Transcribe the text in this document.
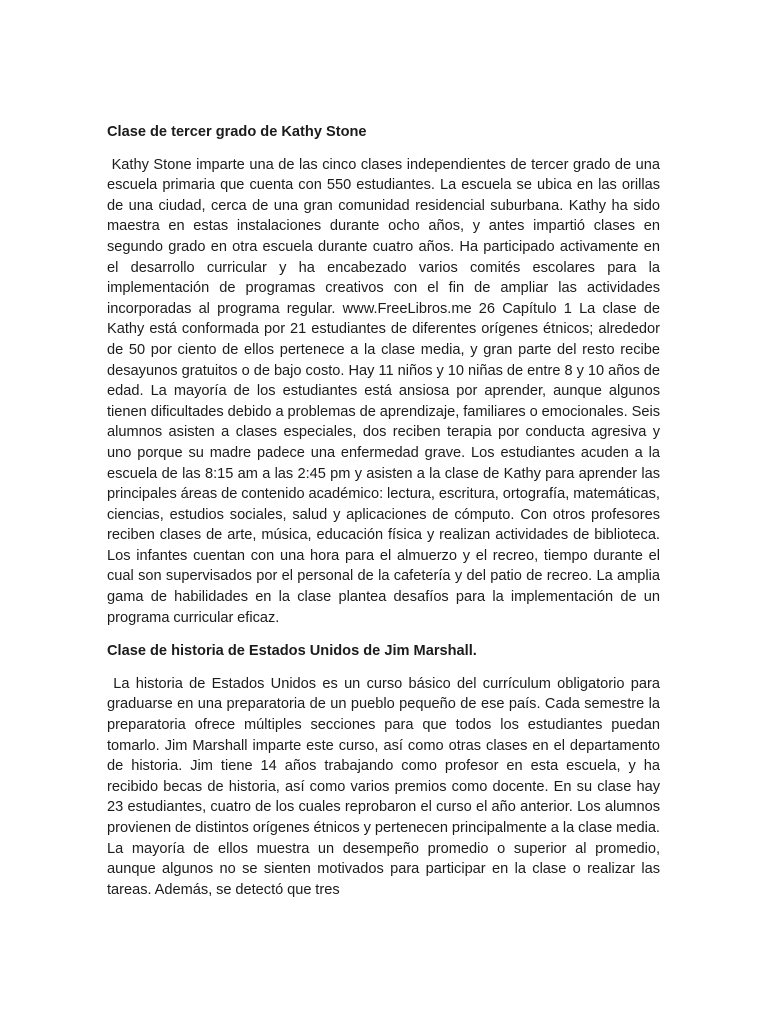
Clase de tercer grado de Kathy Stone

Kathy Stone imparte una de las cinco clases independientes de tercer grado de una escuela primaria que cuenta con 550 estudiantes. La escuela se ubica en las orillas de una ciudad, cerca de una gran comunidad residencial suburbana. Kathy ha sido maestra en estas instalaciones durante ocho años, y antes impartió clases en segundo grado en otra escuela durante cuatro años. Ha participado activamente en el desarrollo curricular y ha encabezado varios comités escolares para la implementación de programas creativos con el fin de ampliar las actividades incorporadas al programa regular. www.FreeLibros.me 26 Capítulo 1 La clase de Kathy está conformada por 21 estudiantes de diferentes orígenes étnicos; alrededor de 50 por ciento de ellos pertenece a la clase media, y gran parte del resto recibe desayunos gratuitos o de bajo costo. Hay 11 niños y 10 niñas de entre 8 y 10 años de edad. La mayoría de los estudiantes está ansiosa por aprender, aunque algunos tienen dificultades debido a problemas de aprendizaje, familiares o emocionales. Seis alumnos asisten a clases especiales, dos reciben terapia por conducta agresiva y uno porque su madre padece una enfermedad grave. Los estudiantes acuden a la escuela de las 8:15 am a las 2:45 pm y asisten a la clase de Kathy para aprender las principales áreas de contenido académico: lectura, escritura, ortografía, matemáticas, ciencias, estudios sociales, salud y aplicaciones de cómputo. Con otros profesores reciben clases de arte, música, educación física y realizan actividades de biblioteca. Los infantes cuentan con una hora para el almuerzo y el recreo, tiempo durante el cual son supervisados por el personal de la cafetería y del patio de recreo. La amplia gama de habilidades en la clase plantea desafíos para la implementación de un programa curricular eficaz.

Clase de historia de Estados Unidos de Jim Marshall.

La historia de Estados Unidos es un curso básico del currículum obligatorio para graduarse en una preparatoria de un pueblo pequeño de ese país. Cada semestre la preparatoria ofrece múltiples secciones para que todos los estudiantes puedan tomarlo. Jim Marshall imparte este curso, así como otras clases en el departamento de historia. Jim tiene 14 años trabajando como profesor en esta escuela, y ha recibido becas de historia, así como varios premios como docente. En su clase hay 23 estudiantes, cuatro de los cuales reprobaron el curso el año anterior. Los alumnos provienen de distintos orígenes étnicos y pertenecen principalmente a la clase media. La mayoría de ellos muestra un desempeño promedio o superior al promedio, aunque algunos no se sienten motivados para participar en la clase o realizar las tareas. Además, se detectó que tres
